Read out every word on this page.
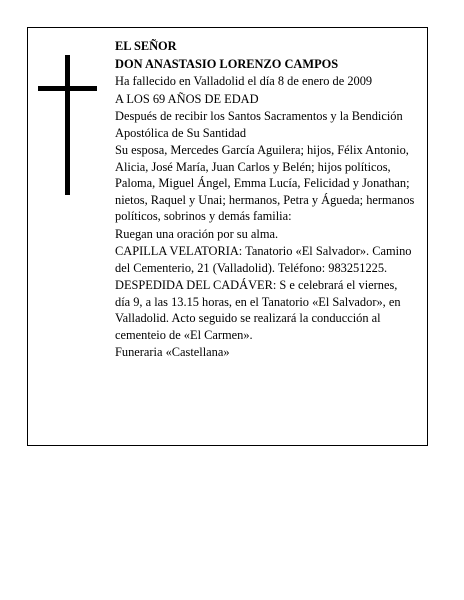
EL SEÑOR

DON ANASTASIO LORENZO CAMPOS

Ha fallecido en Valladolid el día 8 de enero de 2009

A LOS 69 AÑOS DE EDAD

Después de recibir los Santos Sacramentos y la Bendición Apostólica de Su Santidad

Su esposa, Mercedes García Aguilera; hijos, Félix Antonio, Alicia, José María, Juan Carlos y Belén; hijos políticos, Paloma, Miguel Ángel, Emma Lucía, Felicidad y Jonathan; nietos, Raquel y Unai; hermanos, Petra y Águeda; hermanos políticos, sobrinos y demás familia:

Ruegan una oración por su alma.

CAPILLA VELATORIA: Tanatorio «El Salvador». Camino del Cementerio, 21 (Valladolid). Teléfono: 983251225.

DESPEDIDA DEL CADÁVER: S e celebrará el viernes, día 9, a las 13.15 horas, en el Tanatorio «El Salvador», en Valladolid. Acto seguido se realizará la conducción al cementeio de «El Carmen».

Funeraria «Castellana»
